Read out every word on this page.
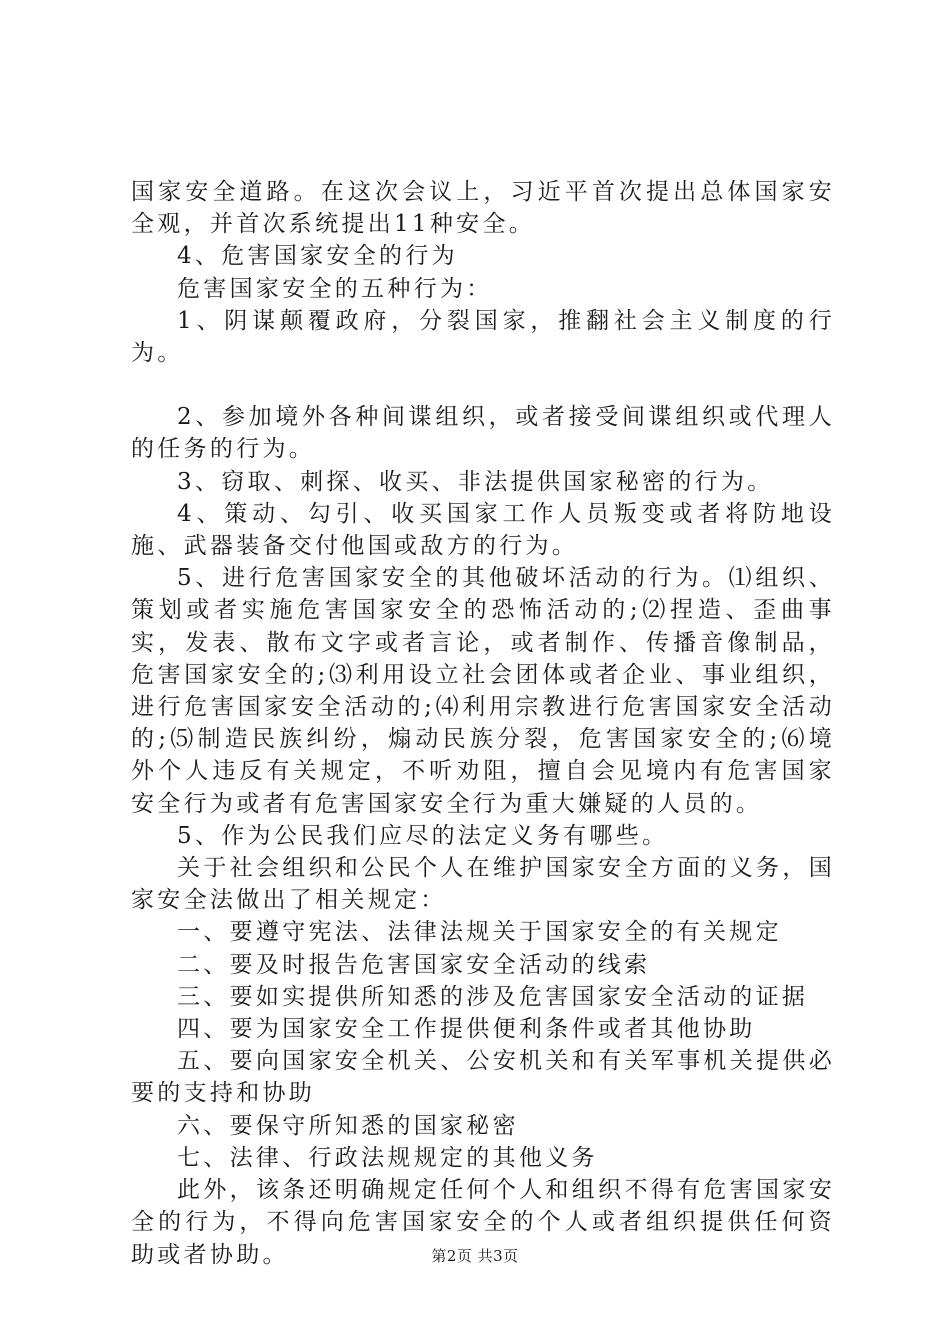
国家安全道路。在这次会议上，习近平首次提出总体国家安全观，并首次系统提出11种安全。

4、危害国家安全的行为

危害国家安全的五种行为：

1、阴谋颠覆政府，分裂国家，推翻社会主义制度的行为。

2、参加境外各种间谍组织，或者接受间谍组织或代理人的任务的行为。

3、窃取、刺探、收买、非法提供国家秘密的行为。

4、策动、勾引、收买国家工作人员叛变或者将防地设施、武器装备交付他国或敌方的行为。

5、进行危害国家安全的其他破坏活动的行为。⑴组织、策划或者实施危害国家安全的恐怖活动的;⑵捏造、歪曲事实，发表、散布文字或者言论，或者制作、传播音像制品，危害国家安全的;⑶利用设立社会团体或者企业、事业组织，进行危害国家安全活动的;⑷利用宗教进行危害国家安全活动的;⑸制造民族纠纷，煽动民族分裂，危害国家安全的;⑹境外个人违反有关规定，不听劝阻，擅自会见境内有危害国家安全行为或者有危害国家安全行为重大嫌疑的人员的。

5、作为公民我们应尽的法定义务有哪些。

关于社会组织和公民个人在维护国家安全方面的义务，国家安全法做出了相关规定：

一、要遵守宪法、法律法规关于国家安全的有关规定

二、要及时报告危害国家安全活动的线索

三、要如实提供所知悉的涉及危害国家安全活动的证据

四、要为国家安全工作提供便利条件或者其他协助

五、要向国家安全机关、公安机关和有关军事机关提供必要的支持和协助

六、要保守所知悉的国家秘密

七、法律、行政法规规定的其他义务

此外，该条还明确规定任何个人和组织不得有危害国家安全的行为，不得向危害国家安全的个人或者组织提供任何资助或者协助。	第2页 共3页
